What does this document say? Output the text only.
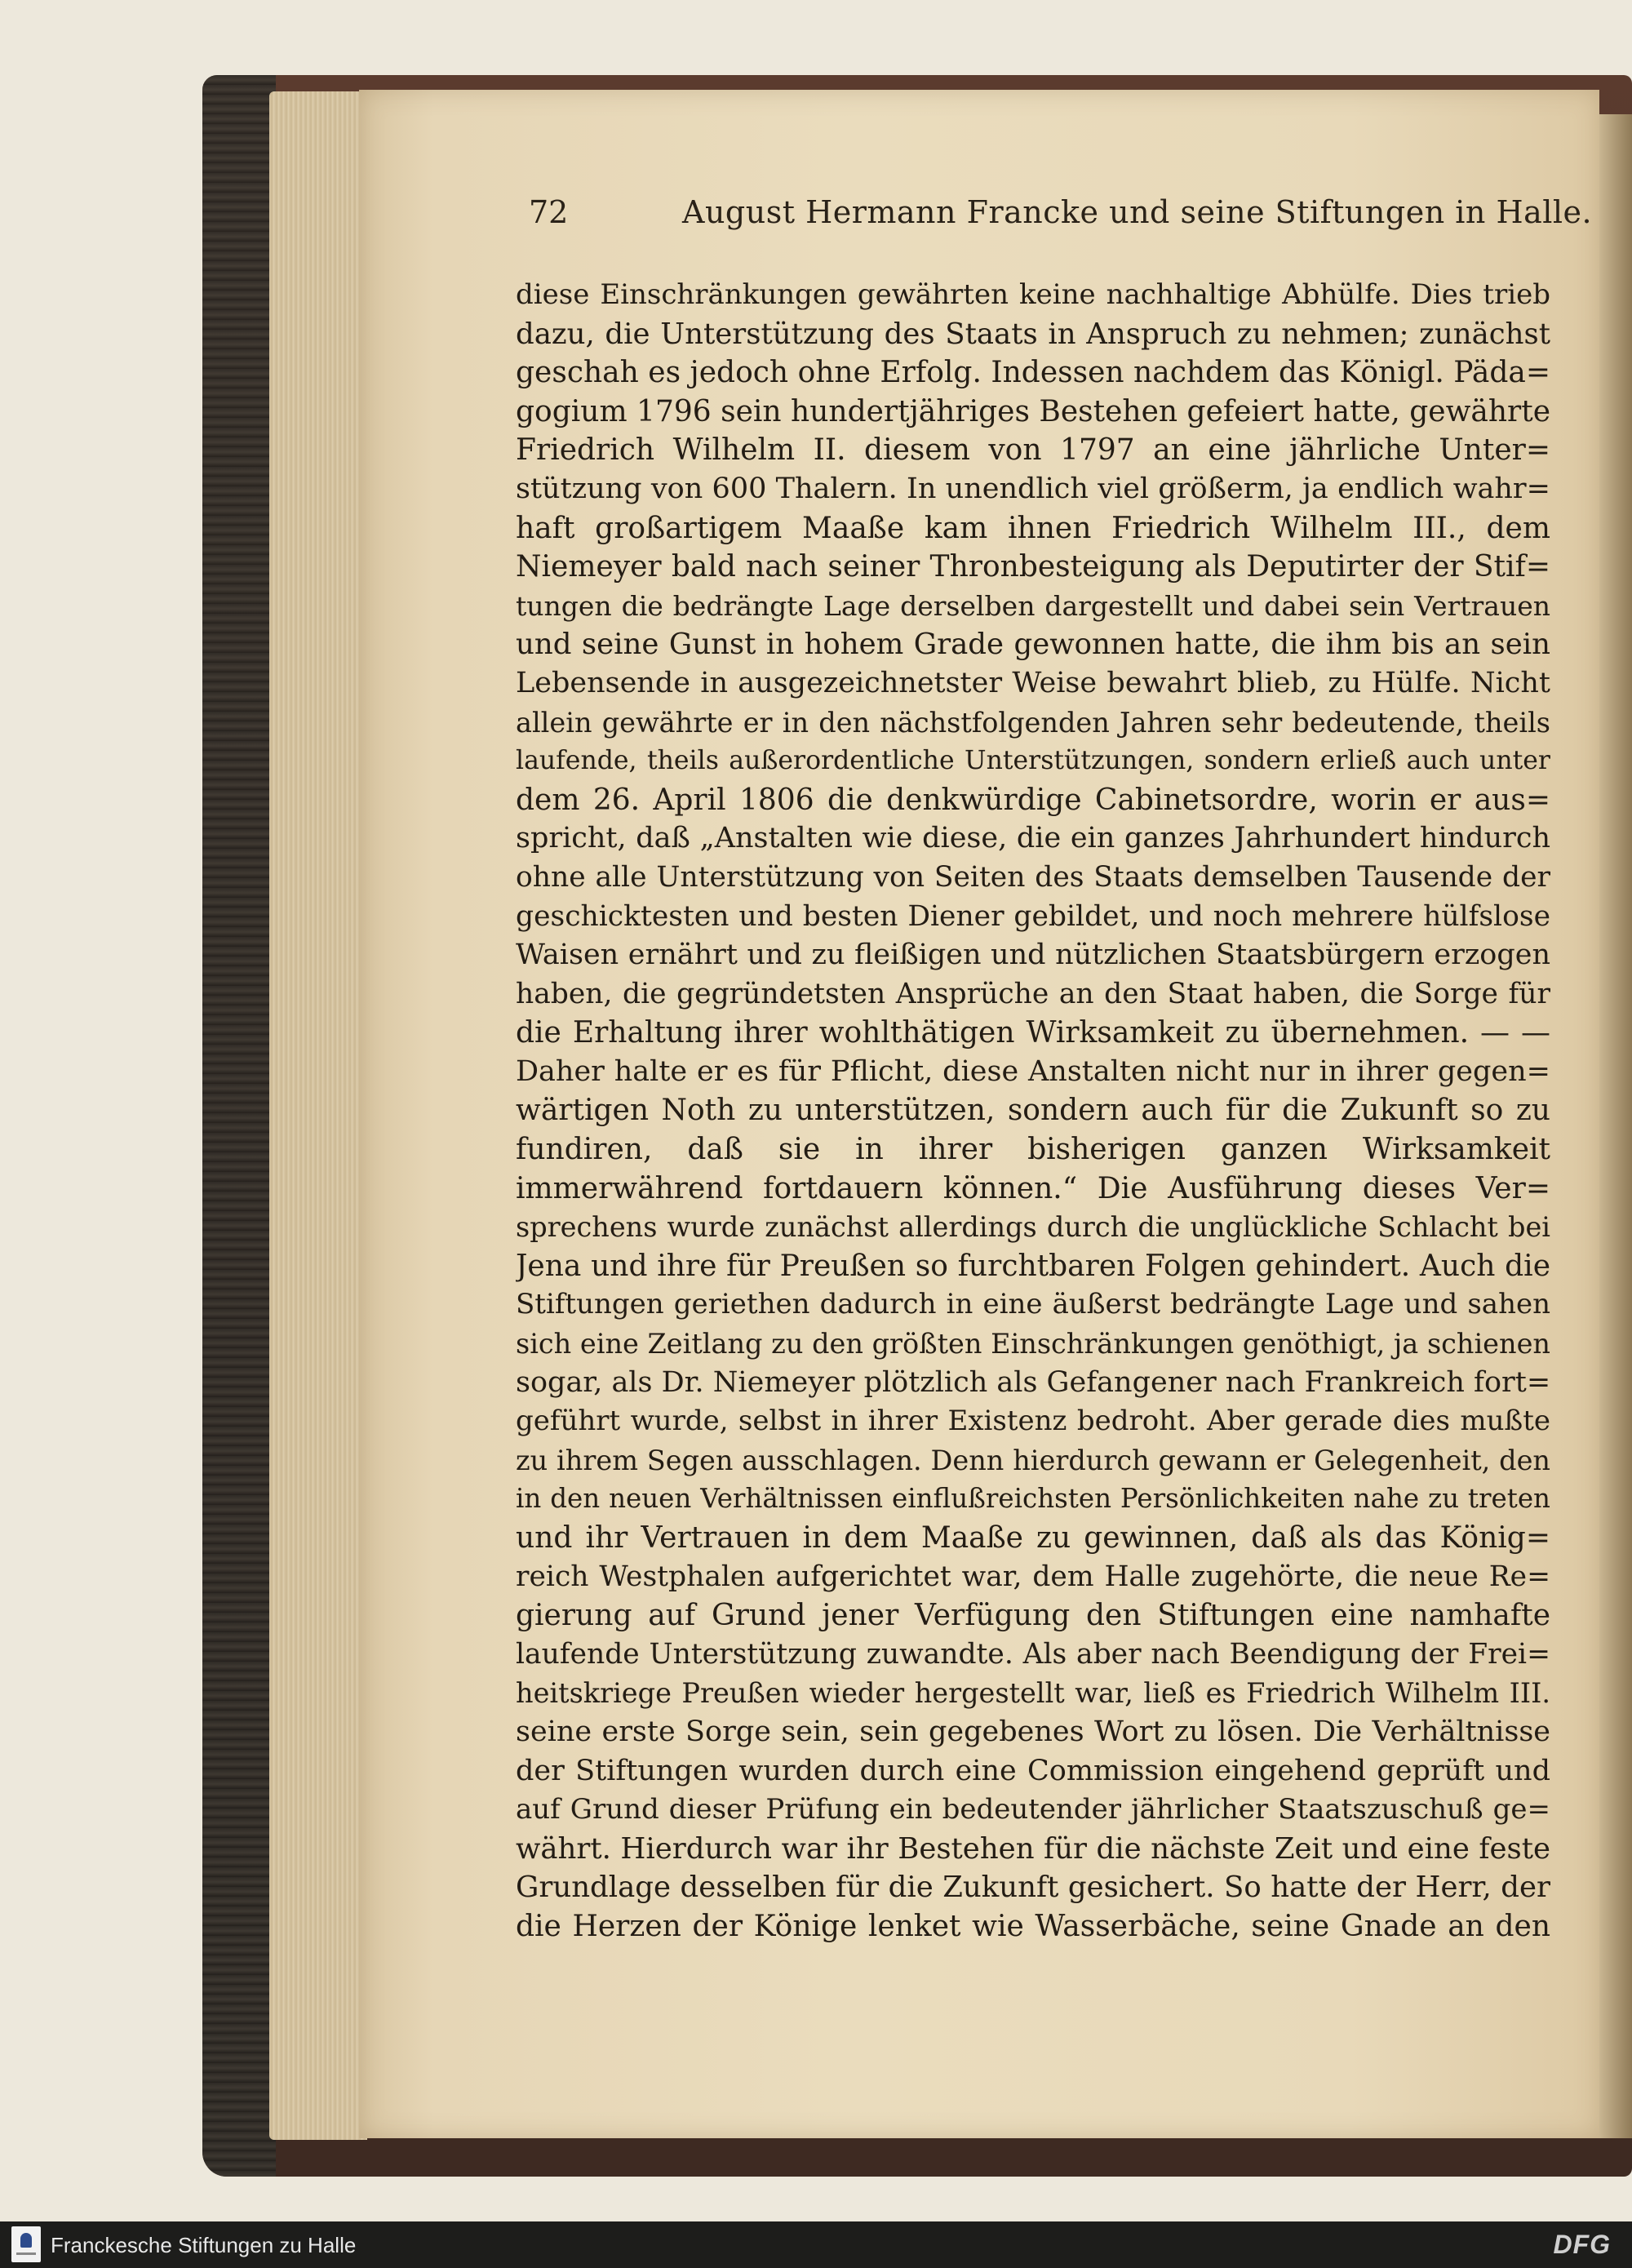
72	August Hermann Francke und seine Stiftungen in Halle.
diese Einschränkungen gewährten keine nachhaltige Abhülfe. Dies trieb
dazu, die Unterstützung des Staats in Anspruch zu nehmen; zunächst
geschah es jedoch ohne Erfolg. Indessen nachdem das Königl. Päda=
gogium 1796 sein hundertjähriges Bestehen gefeiert hatte, gewährte
Friedrich Wilhelm II. diesem von 1797 an eine jährliche Unter=
stützung von 600 Thalern. In unendlich viel größerm, ja endlich wahr=
haft großartigem Maaße kam ihnen Friedrich Wilhelm III., dem
Niemeyer bald nach seiner Thronbesteigung als Deputirter der Stif=
tungen die bedrängte Lage derselben dargestellt und dabei sein Vertrauen
und seine Gunst in hohem Grade gewonnen hatte, die ihm bis an sein
Lebensende in ausgezeichnetster Weise bewahrt blieb, zu Hülfe. Nicht
allein gewährte er in den nächstfolgenden Jahren sehr bedeutende, theils
laufende, theils außerordentliche Unterstützungen, sondern erließ auch unter
dem 26. April 1806 die denkwürdige Cabinetsordre, worin er aus=
spricht, daß „Anstalten wie diese, die ein ganzes Jahrhundert hindurch
ohne alle Unterstützung von Seiten des Staats demselben Tausende der
geschicktesten und besten Diener gebildet, und noch mehrere hülfslose
Waisen ernährt und zu fleißigen und nützlichen Staatsbürgern erzogen
haben, die gegründetsten Ansprüche an den Staat haben, die Sorge für
die Erhaltung ihrer wohlthätigen Wirksamkeit zu übernehmen. — —
Daher halte er es für Pflicht, diese Anstalten nicht nur in ihrer gegen=
wärtigen Noth zu unterstützen, sondern auch für die Zukunft so zu
fundiren, daß sie in ihrer bisherigen ganzen Wirksamkeit
immerwährend fortdauern können.“ Die Ausführung dieses Ver=
sprechens wurde zunächst allerdings durch die unglückliche Schlacht bei
Jena und ihre für Preußen so furchtbaren Folgen gehindert. Auch die
Stiftungen geriethen dadurch in eine äußerst bedrängte Lage und sahen
sich eine Zeitlang zu den größten Einschränkungen genöthigt, ja schienen
sogar, als Dr. Niemeyer plötzlich als Gefangener nach Frankreich fort=
geführt wurde, selbst in ihrer Existenz bedroht. Aber gerade dies mußte
zu ihrem Segen ausschlagen. Denn hierdurch gewann er Gelegenheit, den
in den neuen Verhältnissen einflußreichsten Persönlichkeiten nahe zu treten
und ihr Vertrauen in dem Maaße zu gewinnen, daß als das König=
reich Westphalen aufgerichtet war, dem Halle zugehörte, die neue Re=
gierung auf Grund jener Verfügung den Stiftungen eine namhafte
laufende Unterstützung zuwandte. Als aber nach Beendigung der Frei=
heitskriege Preußen wieder hergestellt war, ließ es Friedrich Wilhelm III.
seine erste Sorge sein, sein gegebenes Wort zu lösen. Die Verhältnisse
der Stiftungen wurden durch eine Commission eingehend geprüft und
auf Grund dieser Prüfung ein bedeutender jährlicher Staatszuschuß ge=
währt. Hierdurch war ihr Bestehen für die nächste Zeit und eine feste
Grundlage desselben für die Zukunft gesichert. So hatte der Herr, der
die Herzen der Könige lenket wie Wasserbäche, seine Gnade an den
Franckesche Stiftungen zu Halle	DFG
